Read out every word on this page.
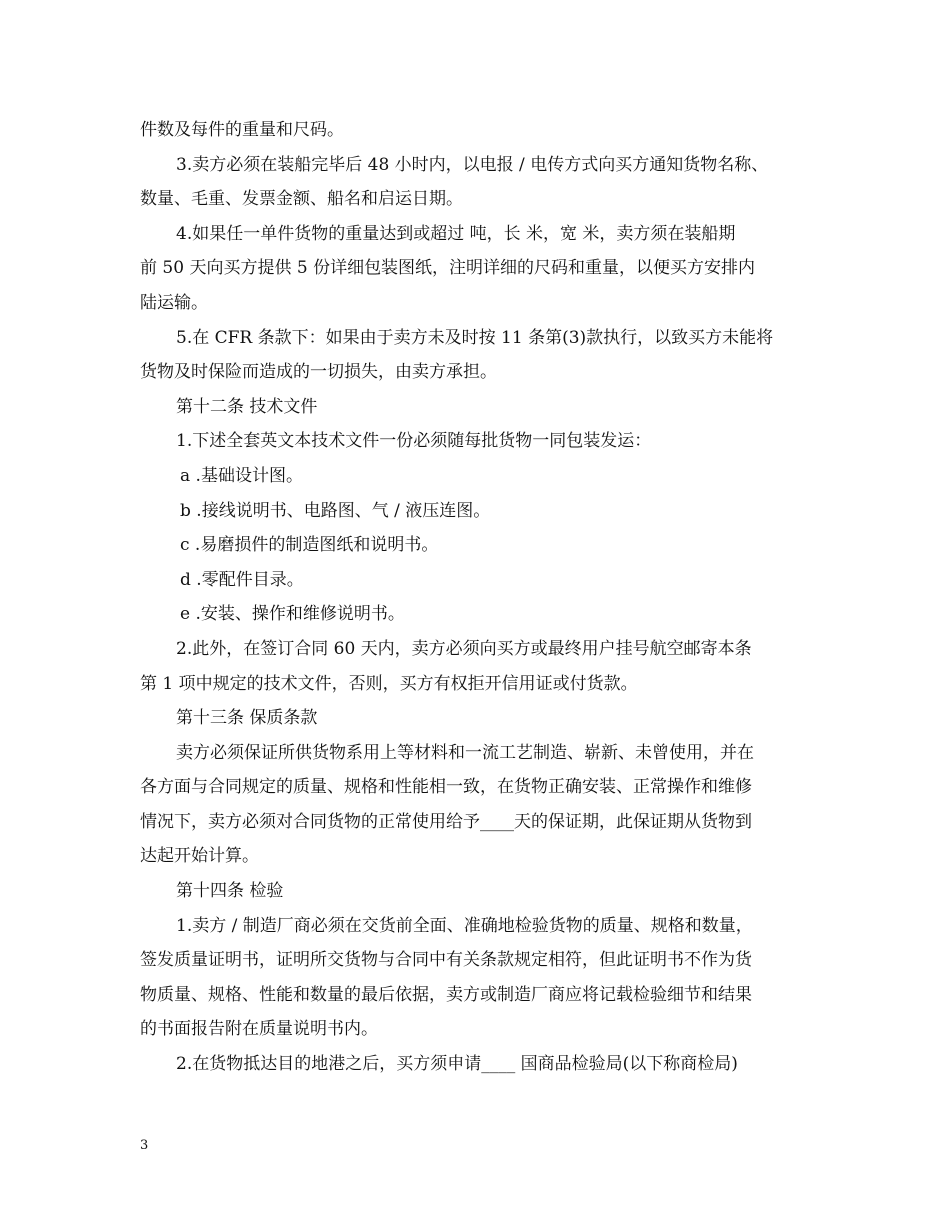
件数及每件的重量和尺码。
3.卖方必须在装船完毕后 48 小时内，以电报 / 电传方式向买方通知货物名称、
数量、毛重、发票金额、船名和启运日期。
4.如果任一单件货物的重量达到或超过 吨，长 米，宽 米，卖方须在装船期
前 50 天向买方提供 5 份详细包装图纸，注明详细的尺码和重量，以便买方安排内
陆运输。
5.在 CFR 条款下：如果由于卖方未及时按 11 条第(3)款执行，以致买方未能将
货物及时保险而造成的一切损失，由卖方承担。
第十二条 技术文件
1.下述全套英文本技术文件一份必须随每批货物一同包装发运：
a .基础设计图。
b .接线说明书、电路图、气 / 液压连图。
c .易磨损件的制造图纸和说明书。
d .零配件目录。
e .安装、操作和维修说明书。
2.此外，在签订合同 60 天内，卖方必须向买方或最终用户挂号航空邮寄本条
第 1 项中规定的技术文件，否则，买方有权拒开信用证或付货款。
第十三条 保质条款
卖方必须保证所供货物系用上等材料和一流工艺制造、崭新、未曾使用，并在
各方面与合同规定的质量、规格和性能相一致，在货物正确安装、正常操作和维修
情况下，卖方必须对合同货物的正常使用给予____天的保证期，此保证期从货物到
达起开始计算。
第十四条 检验
1.卖方 / 制造厂商必须在交货前全面、准确地检验货物的质量、规格和数量，
签发质量证明书，证明所交货物与合同中有关条款规定相符，但此证明书不作为货
物质量、规格、性能和数量的最后依据，卖方或制造厂商应将记载检验细节和结果
的书面报告附在质量说明书内。
2.在货物抵达目的地港之后，买方须申请____ 国商品检验局(以下称商检局)
3
